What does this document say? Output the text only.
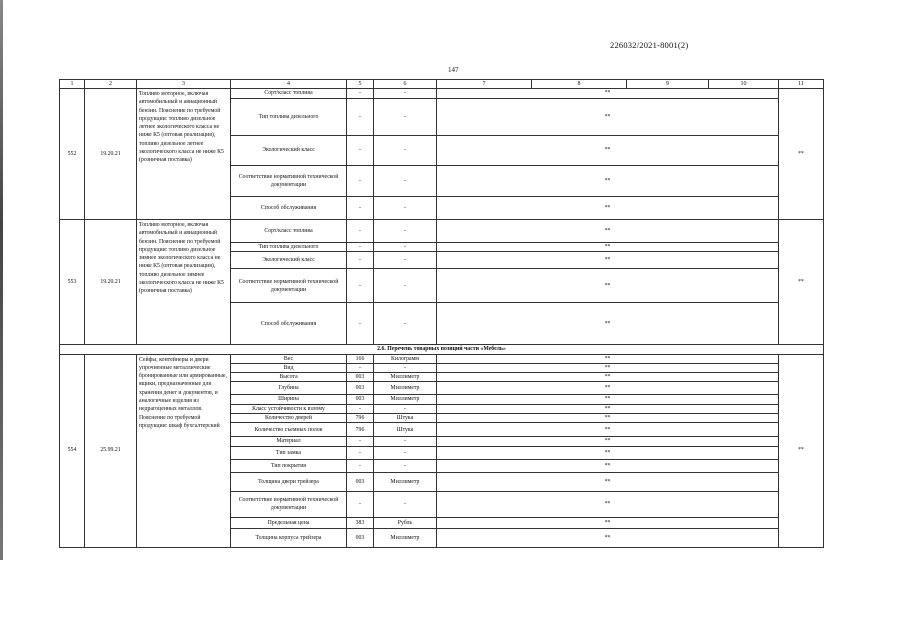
226032/2021-8001(2)
147
1	2	3	4	5	6	7	8	9	10	11
552	19.20.21	Топливо моторное, включая автомобильный и авиационный бензин. Пояснение по требуемой продукции: топливо дизельное летнее экологического класса не ниже К5 (оптовая реализация), топливо дизельное летнее экологического класса не ниже К5 (розничная поставка)	Сорт/класс топлива	-	-	**				**
			Тип топлива дизельного	-	-	**				
			Экологический класс	-	-	**				
			Соответствие нормативной технической документации	-	-	**				
			Способ обслуживания	-	-	**				
553	19.20.21	Топливо моторное, включая автомобильный и авиационный бензин. Пояснение по требуемой продукции: топливо дизельное зимнее экологического класса не ниже К5 (оптовая реализация), топливо дизельное зимнее экологического класса не ниже К5 (розничная поставка)	Сорт/класс топлива	-	-	**				**
			Тип топлива дизельного	-	-	**				
			Экологический класс	-	-	**				
			Соответствие нормативной технической документации	-	-	**				
			Способ обслуживания	-	-	**				
2.6. Перечень товарных позиций части «Мебель»										
554	25.99.21	Сейфы, контейнеры и двери упрочненные металлические бронированные или армированные, ящики, предназначенные для хранения денег и документов, и аналогичные изделия из недрагоценных металлов. Пояснение по требуемой продукции: шкаф бухгалтерский	Вес	166	Килограмм	**				**
			Вид	-	-	**				
			Высота	003	Миллиметр	**				
			Глубина	003	Миллиметр	**				
			Ширина	003	Миллиметр	**				
			Класс устойчивости к взлому	-	-	**				
			Количество дверей	796	Штука	**				
			Количество съемных полок	796	Штука	**				
			Материал	-	-	**				
			Тип замка	-	-	**				
			Тип покрытия	-	-	**				
			Толщина двери трейзера	003	Миллиметр	**				
			Соответствие нормативной технической документации	-	-	**				
			Предельная цена	383	Рубль	**				
			Толщина корпуса трейзера	003	Миллиметр	**				
